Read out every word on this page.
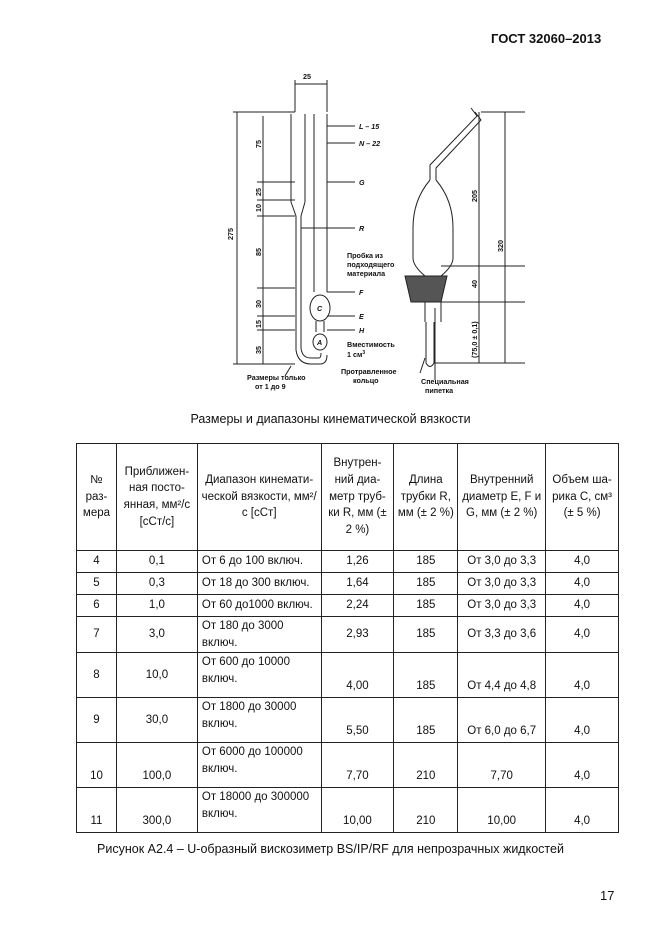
ГОСТ 32060–2013
25
275
75
25
10
85
30
15
35
205
320
40
(75,0 ± 0,1)
L – 15
N – 22
G
R
F
E
H
C
A
Пробка из
подходящего
материала
Вместимость
1 $см^3$
Размеры только
от 1 до 9
Протравленное
кольцо	Специальная
пипетка
Размеры и диапазоны кинематической вязкости
№ раз-мера	Приближен-ная посто-янная, мм²/с [сСт/с]	Диапазон кинемати-ческой вязкости, мм²/с [сСт]	Внутрен-ний диа-метр труб-ки R, мм (± 2 %)	Длина трубки R, мм (± 2 %)	Внутренний диаметр E, F и G, мм (± 2 %)	Объем ша-рика C, см³ (± 5 %)
4	0,1	От 6 до 100 включ.	1,26	185	От 3,0 до 3,3	4,0
5	0,3	От 18 до 300 включ.	1,64	185	От 3,0 до 3,3	4,0
6	1,0	От 60 до1000 включ.	2,24	185	От 3,0 до 3,3	4,0
7	3,0	От 180 до 3000 включ.	2,93	185	От 3,3 до 3,6	4,0
8	10,0	От 600 до 10000 включ.	4,00	185	От 4,4 до 4,8	4,0
9	30,0	От 1800 до 30000 включ.	5,50	185	От 6,0 до 6,7	4,0
10	100,0	От 6000 до 100000 включ.	7,70	210	7,70	4,0
11	300,0	От 18000 до 300000 включ.	10,00	210	10,00	4,0
Рисунок А2.4 – U-образный вискозиметр BS/IP/RF для непрозрачных жидкостей
17
